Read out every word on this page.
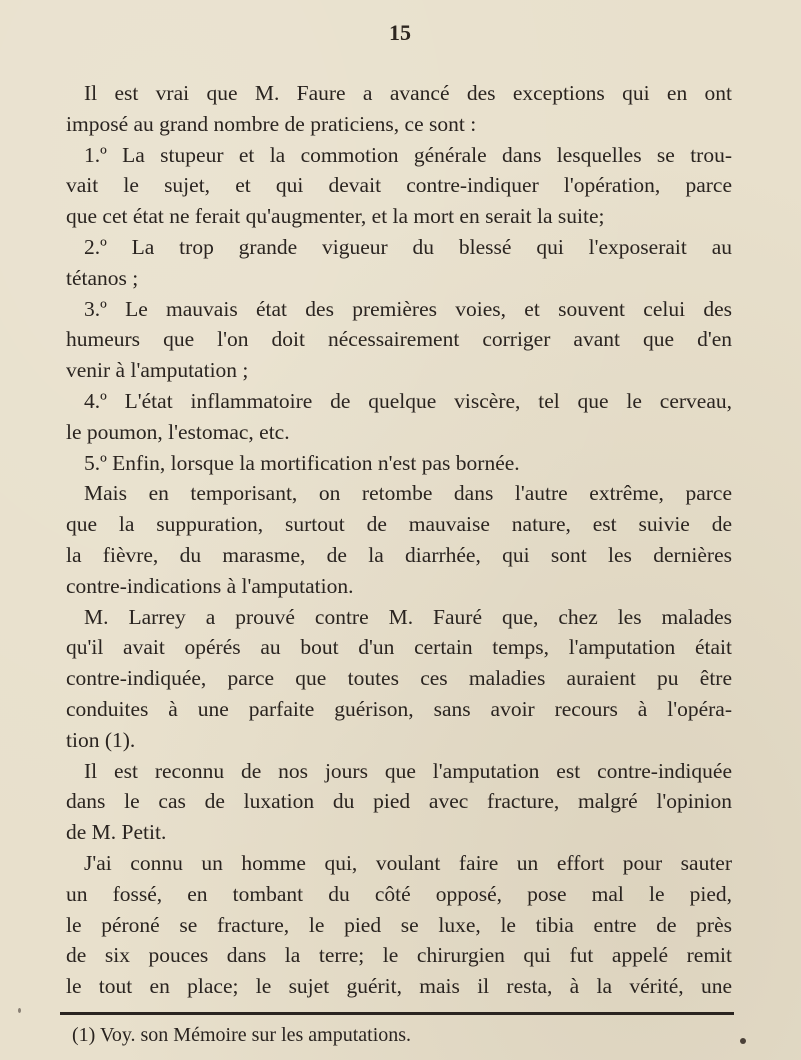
15

Il est vrai que M. Faure a avancé des exceptions qui en ont

imposé au grand nombre de praticiens, ce sont :

1.º La stupeur et la commotion générale dans lesquelles se trou-

vait le sujet, et qui devait contre-indiquer l'opération, parce

que cet état ne ferait qu'augmenter, et la mort en serait la suite;

2.º La trop grande vigueur du blessé qui l'exposerait au

tétanos ;

3.º Le mauvais état des premières voies, et souvent celui des

humeurs que l'on doit nécessairement corriger avant que d'en

venir à l'amputation ;

4.º L'état inflammatoire de quelque viscère, tel que le cerveau,

le poumon, l'estomac, etc.

5.º Enfin, lorsque la mortification n'est pas bornée.

Mais en temporisant, on retombe dans l'autre extrême, parce

que la suppuration, surtout de mauvaise nature, est suivie de

la fièvre, du marasme, de la diarrhée, qui sont les dernières

contre-indications à l'amputation.

M. Larrey a prouvé contre M. Fauré que, chez les malades

qu'il avait opérés au bout d'un certain temps, l'amputation était

contre-indiquée, parce que toutes ces maladies auraient pu être

conduites à une parfaite guérison, sans avoir recours à l'opéra-

tion (1).

Il est reconnu de nos jours que l'amputation est contre-indiquée

dans le cas de luxation du pied avec fracture, malgré l'opinion

de M. Petit.

J'ai connu un homme qui, voulant faire un effort pour sauter

un fossé, en tombant du côté opposé, pose mal le pied,

le péroné se fracture, le pied se luxe, le tibia entre de près

de six pouces dans la terre; le chirurgien qui fut appelé remit

le tout en place; le sujet guérit, mais il resta, à la vérité, une

(1) Voy. son Mémoire sur les amputations.
